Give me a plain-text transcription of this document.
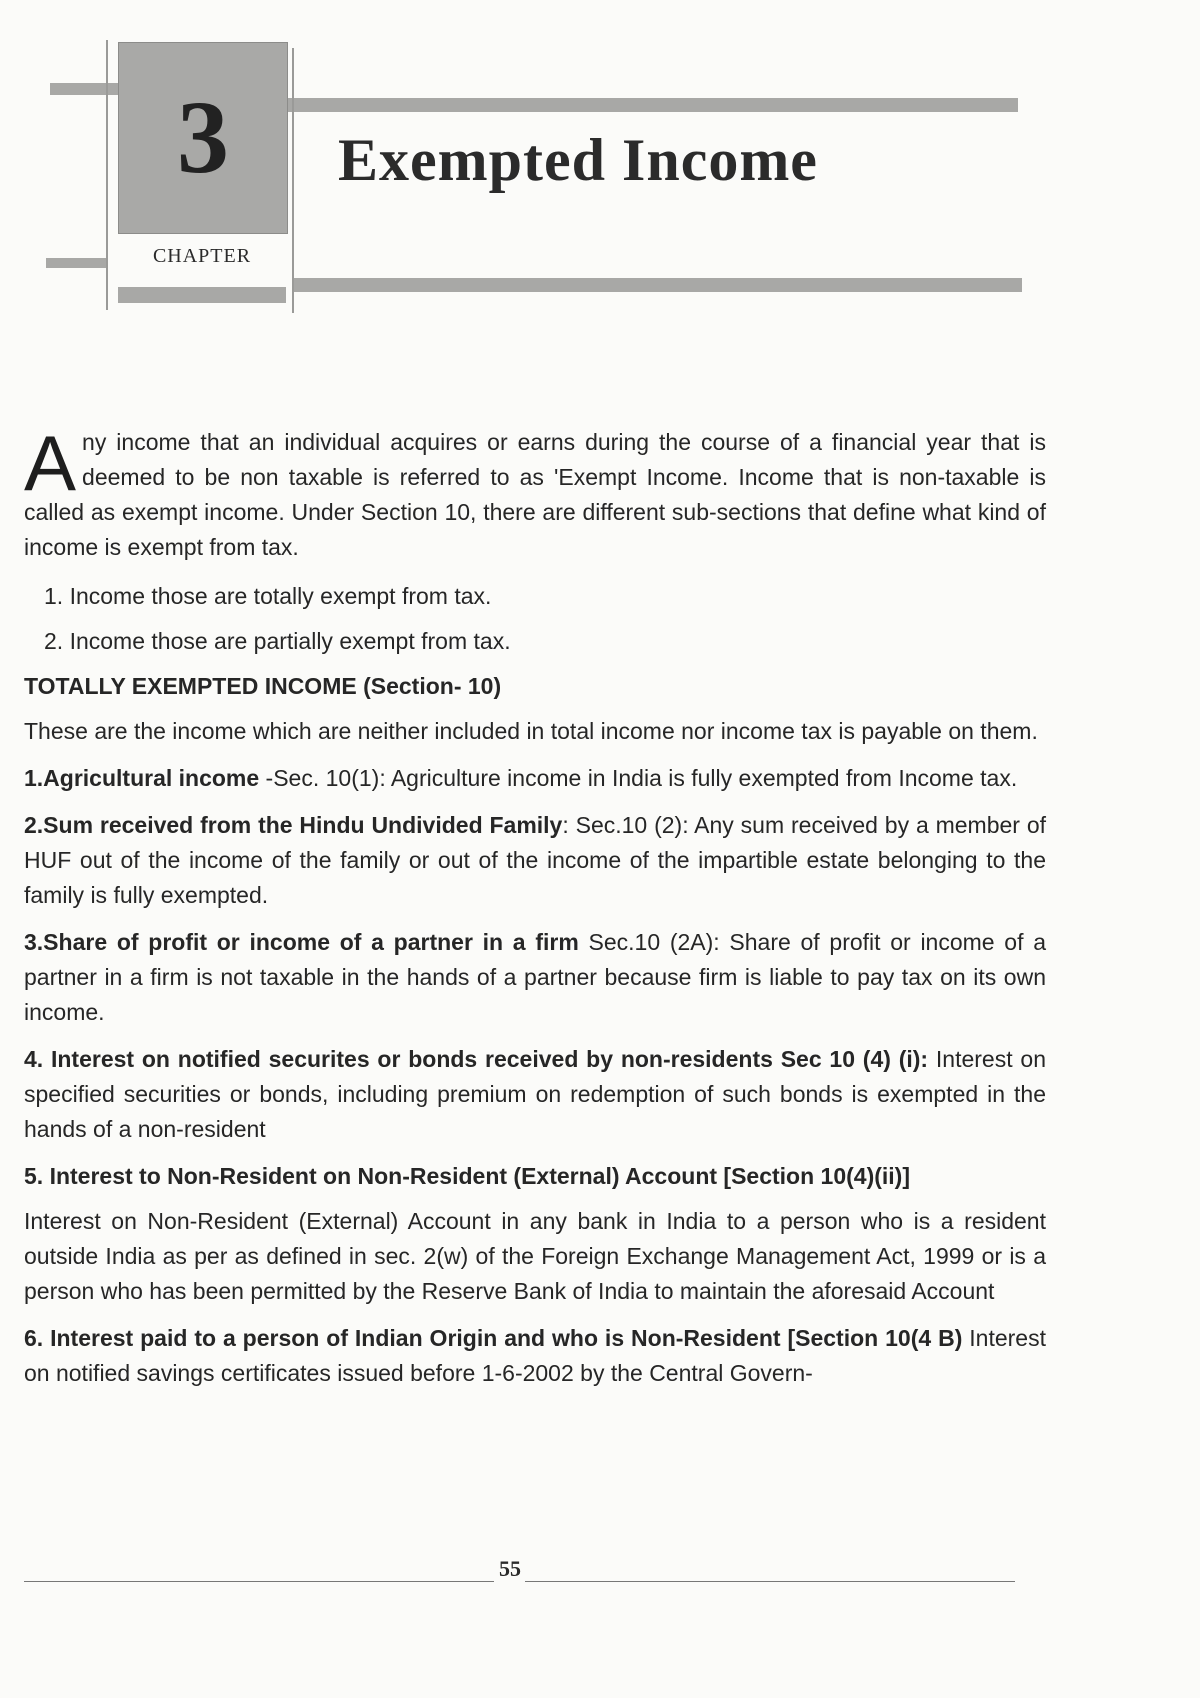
3
CHAPTER
Exempted Income

Any income that an individual acquires or earns during the course of a financial year that is deemed to be non taxable is referred to as 'Exempt Income. Income that is non-taxable is called as exempt income. Under Section 10, there are different sub-sections that define what kind of income is exempt from tax.

1. Income those are totally exempt from tax.
2. Income those are partially exempt from tax.
TOTALLY EXEMPTED INCOME (Section- 10)

These are the income which are neither included in total income nor income tax is payable on them.

1.Agricultural income -Sec. 10(1): Agriculture income in India is fully exempted from Income tax.

2.Sum received from the Hindu Undivided Family: Sec.10 (2): Any sum received by a member of HUF out of the income of the family or out of the income of the impartible estate belonging to the family is fully exempted.

3.Share of profit or income of a partner in a firm Sec.10 (2A): Share of profit or income of a partner in a firm is not taxable in the hands of a partner because firm is liable to pay tax on its own income.

4. Interest on notified securites or bonds received by non-residents Sec 10 (4) (i): Interest on specified securities or bonds, including premium on redemption of such bonds is exempted in the hands of a non-resident

5. Interest to Non-Resident on Non-Resident (External) Account [Section 10(4)(ii)]

Interest on Non-Resident (External) Account in any bank in India to a person who is a resident outside India as per as defined in sec. 2(w) of the Foreign Exchange Management Act, 1999 or is a person who has been permitted by the Reserve Bank of India to maintain the aforesaid Account

6. Interest paid to a person of Indian Origin and who is Non-Resident [Section 10(4 B) Interest on notified savings certificates issued before 1-6-2002 by the Central Govern-

55
